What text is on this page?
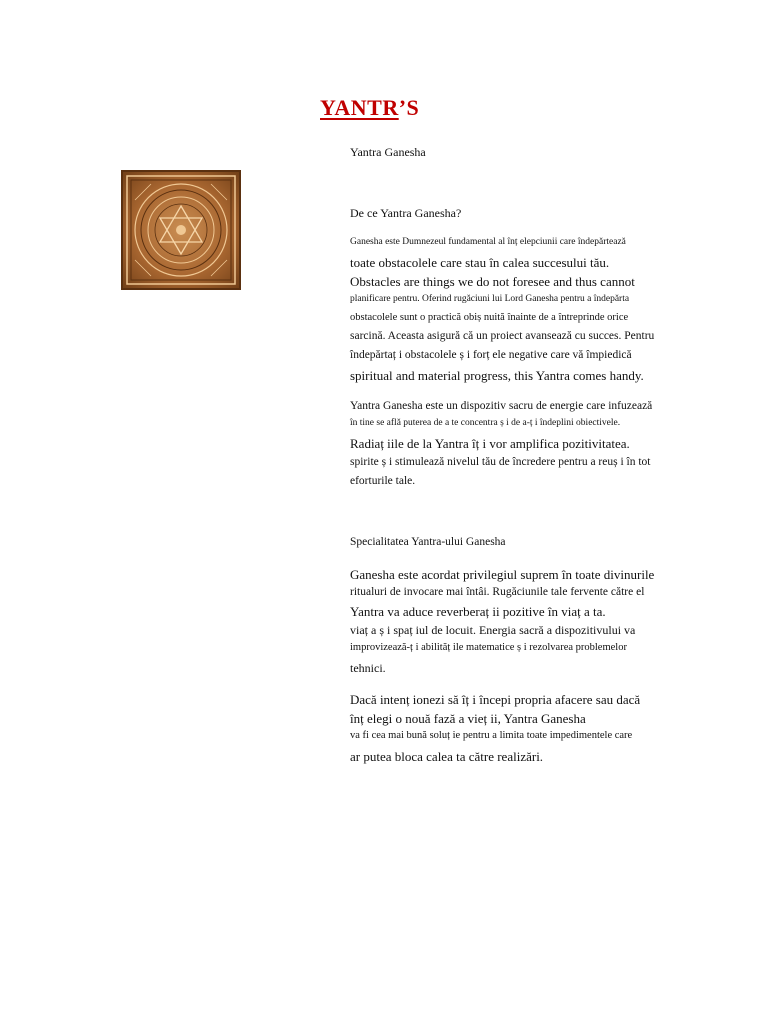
YANTR’S
Yantra Ganesha
De ce Yantra Ganesha?
Ganesha este Dumnezeul fundamental al înț elepciunii care îndepărtează
toate obstacolele care stau în calea succesului tău.
Obstacles are things we do not foresee and thus cannot
planificare pentru. Oferind rugăciuni lui Lord Ganesha pentru a îndepărta
obstacolele sunt o practică obiș nuită înainte de a întreprinde orice
sarcină. Aceasta asigură că un proiect avansează cu succes. Pentru
îndepărtaț i obstacolele ș i forț ele negative care vă împiedică
spiritual and material progress, this Yantra comes handy.
Yantra Ganesha este un dispozitiv sacru de energie care infuzează
în tine se află puterea de a te concentra ș i de a-ț i îndeplini obiectivele.
Radiaț iile de la Yantra îț i vor amplifica pozitivitatea.
spirite ș i stimulează nivelul tău de încredere pentru a reuș i în tot
eforturile tale.
Specialitatea Yantra-ului Ganesha
Ganesha este acordat privilegiul suprem în toate divinurile
ritualuri de invocare mai întâi. Rugăciunile tale fervente către el
Yantra va aduce reverberaț ii pozitive în viaț a ta.
viaț a ș i spaț iul de locuit. Energia sacră a dispozitivului va
improvizează-ț i abilităț ile matematice ș i rezolvarea problemelor
tehnici.
Dacă intenț ionezi să îț i începi propria afacere sau dacă
înț elegi o nouă fază a vieț ii, Yantra Ganesha
va fi cea mai bună soluț ie pentru a limita toate impedimentele care
ar putea bloca calea ta către realizări.
